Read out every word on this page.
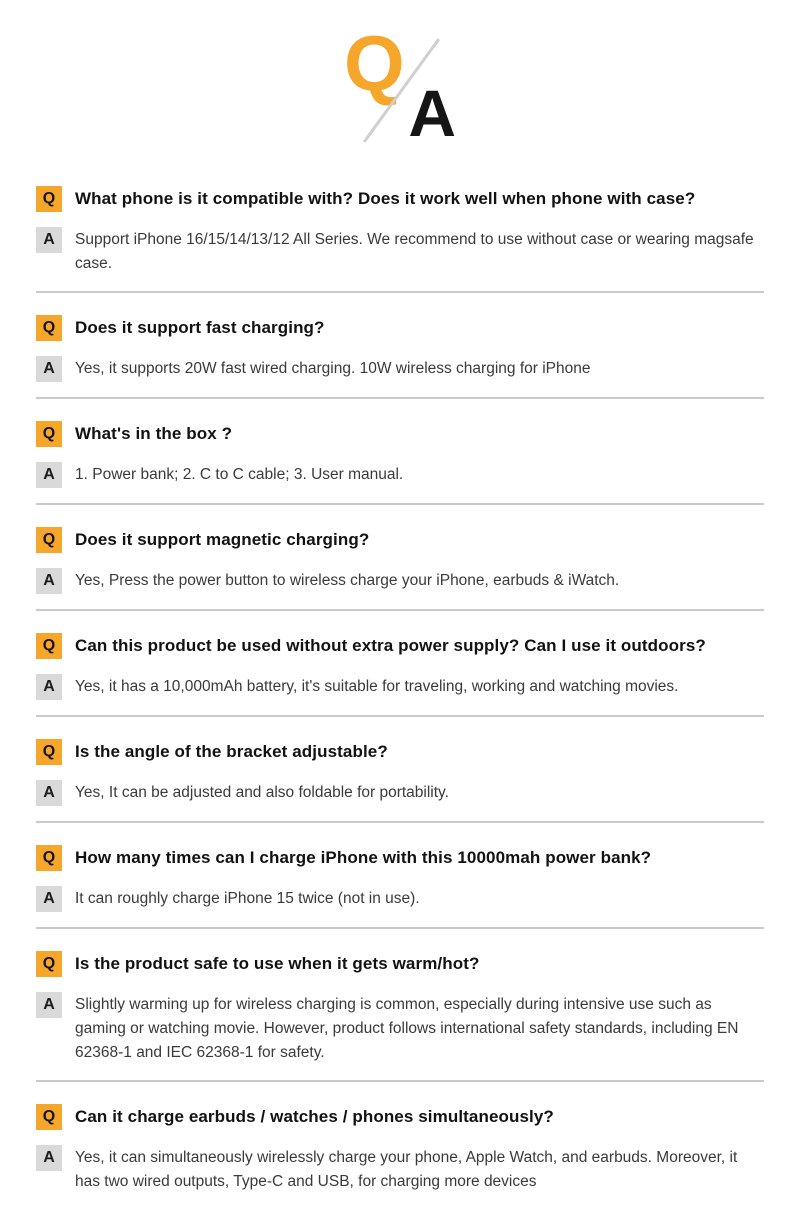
Q
A
Q	What phone is it compatible with? Does it work well when phone with case?
A	Support iPhone 16/15/14/13/12 All Series. We recommend to use without case or wearing magsafe case.

Q	Does it support fast charging?
A	Yes, it supports 20W fast wired charging. 10W wireless charging for iPhone

Q	What's in the box ?
A	1. Power bank; 2. C to C cable; 3. User manual.

Q	Does it support magnetic charging?
A	Yes, Press the power button to wireless charge your iPhone, earbuds & iWatch.

Q	Can this product be used without extra power supply? Can I use it outdoors?
A	Yes, it has a 10,000mAh battery, it's suitable for traveling, working and watching movies.

Q	Is the angle of the bracket adjustable?
A	Yes, It can be adjusted and also foldable for portability.

Q	How many times can I charge iPhone with this 10000mah power bank?
A	It can roughly charge iPhone 15 twice (not in use).

Q	Is the product safe to use when it gets warm/hot?
A	Slightly warming up for wireless charging is common, especially during intensive use such as gaming or watching movie. However, product follows international safety standards, including EN 62368-1 and IEC 62368-1 for safety.

Q	Can it charge earbuds / watches / phones simultaneously?
A	Yes, it can simultaneously wirelessly charge your phone, Apple Watch, and earbuds. Moreover, it has two wired outputs, Type-C and USB, for charging more devices
